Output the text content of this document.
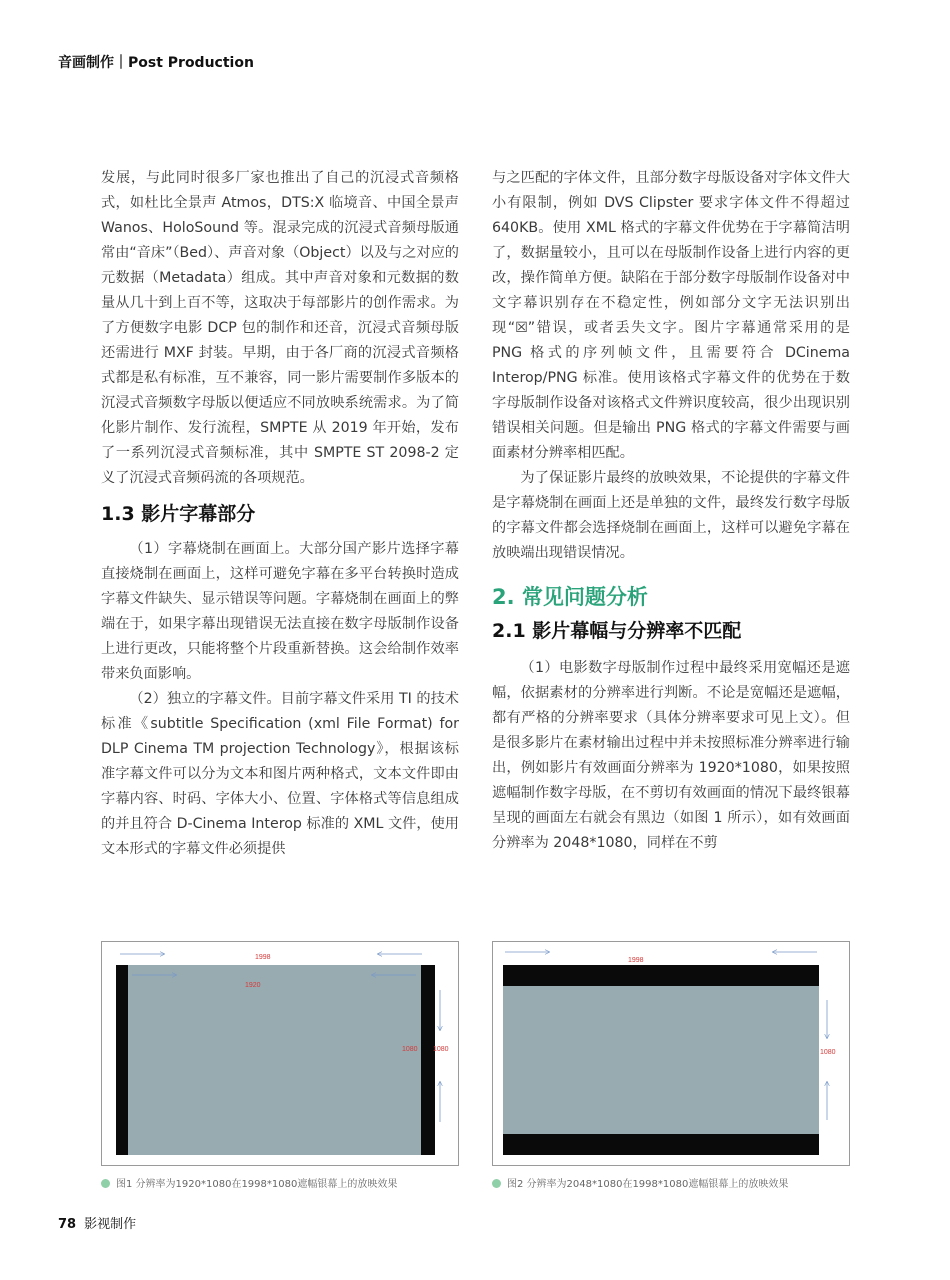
音画制作｜Post Production

发展，与此同时很多厂家也推出了自己的沉浸式音频格式，如杜比全景声 Atmos，DTS:X 临境音、中国全景声 Wanos、HoloSound 等。混录完成的沉浸式音频母版通常由“音床”（Bed）、声音对象（Object）以及与之对应的元数据（Metadata）组成。其中声音对象和元数据的数量从几十到上百不等，这取决于每部影片的创作需求。为了方便数字电影 DCP 包的制作和还音，沉浸式音频母版还需进行 MXF 封装。早期，由于各厂商的沉浸式音频格式都是私有标准，互不兼容，同一影片需要制作多版本的沉浸式音频数字母版以便适应不同放映系统需求。为了简化影片制作、发行流程，SMPTE 从 2019 年开始，发布了一系列沉浸式音频标准，其中 SMPTE ST 2098-2 定义了沉浸式音频码流的各项规范。

1.3 影片字幕部分

（1）字幕烧制在画面上。大部分国产影片选择字幕直接烧制在画面上，这样可避免字幕在多平台转换时造成字幕文件缺失、显示错误等问题。字幕烧制在画面上的弊端在于，如果字幕出现错误无法直接在数字母版制作设备上进行更改，只能将整个片段重新替换。这会给制作效率带来负面影响。

（2）独立的字幕文件。目前字幕文件采用 TI 的技术标准《subtitle Specification (xml File Format) for DLP Cinema TM projection Technology》，根据该标准字幕文件可以分为文本和图片两种格式，文本文件即由字幕内容、时码、字体大小、位置、字体格式等信息组成的并且符合 D-Cinema Interop 标准的 XML 文件，使用文本形式的字幕文件必须提供

与之匹配的字体文件，且部分数字母版设备对字体文件大小有限制，例如 DVS Clipster 要求字体文件不得超过 640KB。使用 XML 格式的字幕文件优势在于字幕简洁明了，数据量较小，且可以在母版制作设备上进行内容的更改，操作简单方便。缺陷在于部分数字母版制作设备对中文字幕识别存在不稳定性，例如部分文字无法识别出现“☒”错误，或者丢失文字。图片字幕通常采用的是 PNG 格式的序列帧文件，且需要符合 DCinema Interop/PNG 标准。使用该格式字幕文件的优势在于数字母版制作设备对该格式文件辨识度较高，很少出现识别错误相关问题。但是输出 PNG 格式的字幕文件需要与画面素材分辨率相匹配。

为了保证影片最终的放映效果，不论提供的字幕文件是字幕烧制在画面上还是单独的文件，最终发行数字母版的字幕文件都会选择烧制在画面上，这样可以避免字幕在放映端出现错误情况。

2. 常见问题分析
2.1 影片幕幅与分辨率不匹配

（1）电影数字母版制作过程中最终采用宽幅还是遮幅，依据素材的分辨率进行判断。不论是宽幅还是遮幅，都有严格的分辨率要求（具体分辨率要求可见上文）。但是很多影片在素材输出过程中并未按照标准分辨率进行输出，例如影片有效画面分辨率为 1920*1080，如果按照遮幅制作数字母版，在不剪切有效画面的情况下最终银幕呈现的画面左右就会有黑边（如图 1 所示），如有效画面分辨率为 2048*1080，同样在不剪

1998
1920
1080 1080
1998
1080
图1 分辨率为1920*1080在1998*1080遮幅银幕上的放映效果	图2 分辨率为2048*1080在1998*1080遮幅银幕上的放映效果
78 影视制作
